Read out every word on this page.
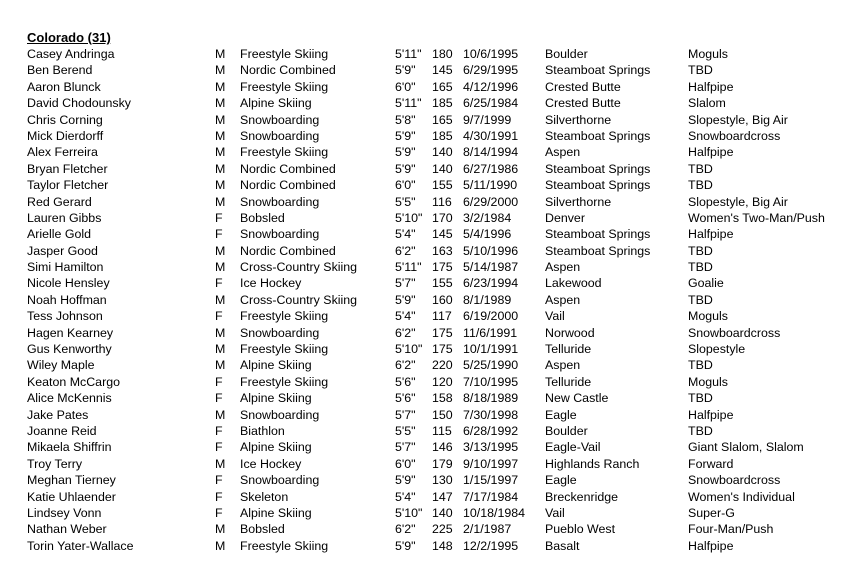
Colorado (31)
Casey Andringa	M Freestyle Skiing	5'11" 180 10/6/1995 Boulder	Moguls
Ben Berend	M Nordic Combined	5'9" 145 6/29/1995 Steamboat Springs	TBD
Aaron Blunck	M Freestyle Skiing	6'0" 165 4/12/1996 Crested Butte	Halfpipe
David Chodounsky	M Alpine Skiing	5'11" 185 6/25/1984 Crested Butte	Slalom
Chris Corning	M Snowboarding	5'8" 165 9/7/1999	Silverthorne	Slopestyle, Big Air
Mick Dierdorff	M Snowboarding	5'9" 185 4/30/1991 Steamboat Springs	Snowboardcross
Alex Ferreira	M Freestyle Skiing	5'9" 140 8/14/1994 Aspen	Halfpipe
Bryan Fletcher	M Nordic Combined	5'9" 140 6/27/1986 Steamboat Springs	TBD
Taylor Fletcher	M Nordic Combined	6'0" 155 5/11/1990 Steamboat Springs	TBD
Red Gerard	M Snowboarding	5'5" 116 6/29/2000 Silverthorne	Slopestyle, Big Air
Lauren Gibbs	F Bobsled	5'10" 170 3/2/1984	Denver	Women's Two-Man/Push
Arielle Gold	F Snowboarding	5'4" 145 5/4/1996	Steamboat Springs	Halfpipe
Jasper Good	M Nordic Combined	6'2" 163 5/10/1996 Steamboat Springs	TBD
Simi Hamilton	M Cross-Country Skiing	5'11" 175 5/14/1987 Aspen	TBD
Nicole Hensley	F Ice Hockey	5'7" 155 6/23/1994 Lakewood	Goalie
Noah Hoffman	M Cross-Country Skiing	5'9" 160 8/1/1989	Aspen	TBD
Tess Johnson	F Freestyle Skiing	5'4" 117 6/19/2000 Vail	Moguls
Hagen Kearney	M Snowboarding	6'2" 175 11/6/1991 Norwood	Snowboardcross
Gus Kenworthy	M Freestyle Skiing	5'10" 175 10/1/1991 Telluride	Slopestyle
Wiley Maple	M Alpine Skiing	6'2" 220 5/25/1990 Aspen	TBD
Keaton McCargo	F Freestyle Skiing	5'6" 120 7/10/1995 Telluride	Moguls
Alice McKennis	F Alpine Skiing	5'6" 158 8/18/1989 New Castle	TBD
Jake Pates	M Snowboarding	5'7" 150 7/30/1998 Eagle	Halfpipe
Joanne Reid	F Biathlon	5'5" 115 6/28/1992 Boulder	TBD
Mikaela Shiffrin	F Alpine Skiing	5'7" 146 3/13/1995 Eagle-Vail	Giant Slalom, Slalom
Troy Terry	M Ice Hockey	6'0" 179 9/10/1997 Highlands Ranch	Forward
Meghan Tierney	F Snowboarding	5'9" 130 1/15/1997 Eagle	Snowboardcross
Katie Uhlaender	F Skeleton	5'4" 147 7/17/1984 Breckenridge	Women's Individual
Lindsey Vonn	F Alpine Skiing	5'10" 140 10/18/1984 Vail	Super-G
Nathan Weber	M Bobsled	6'2" 225 2/1/1987	Pueblo West	Four-Man/Push
Torin Yater-Wallace	M Freestyle Skiing	5'9" 148 12/2/1995 Basalt	Halfpipe
